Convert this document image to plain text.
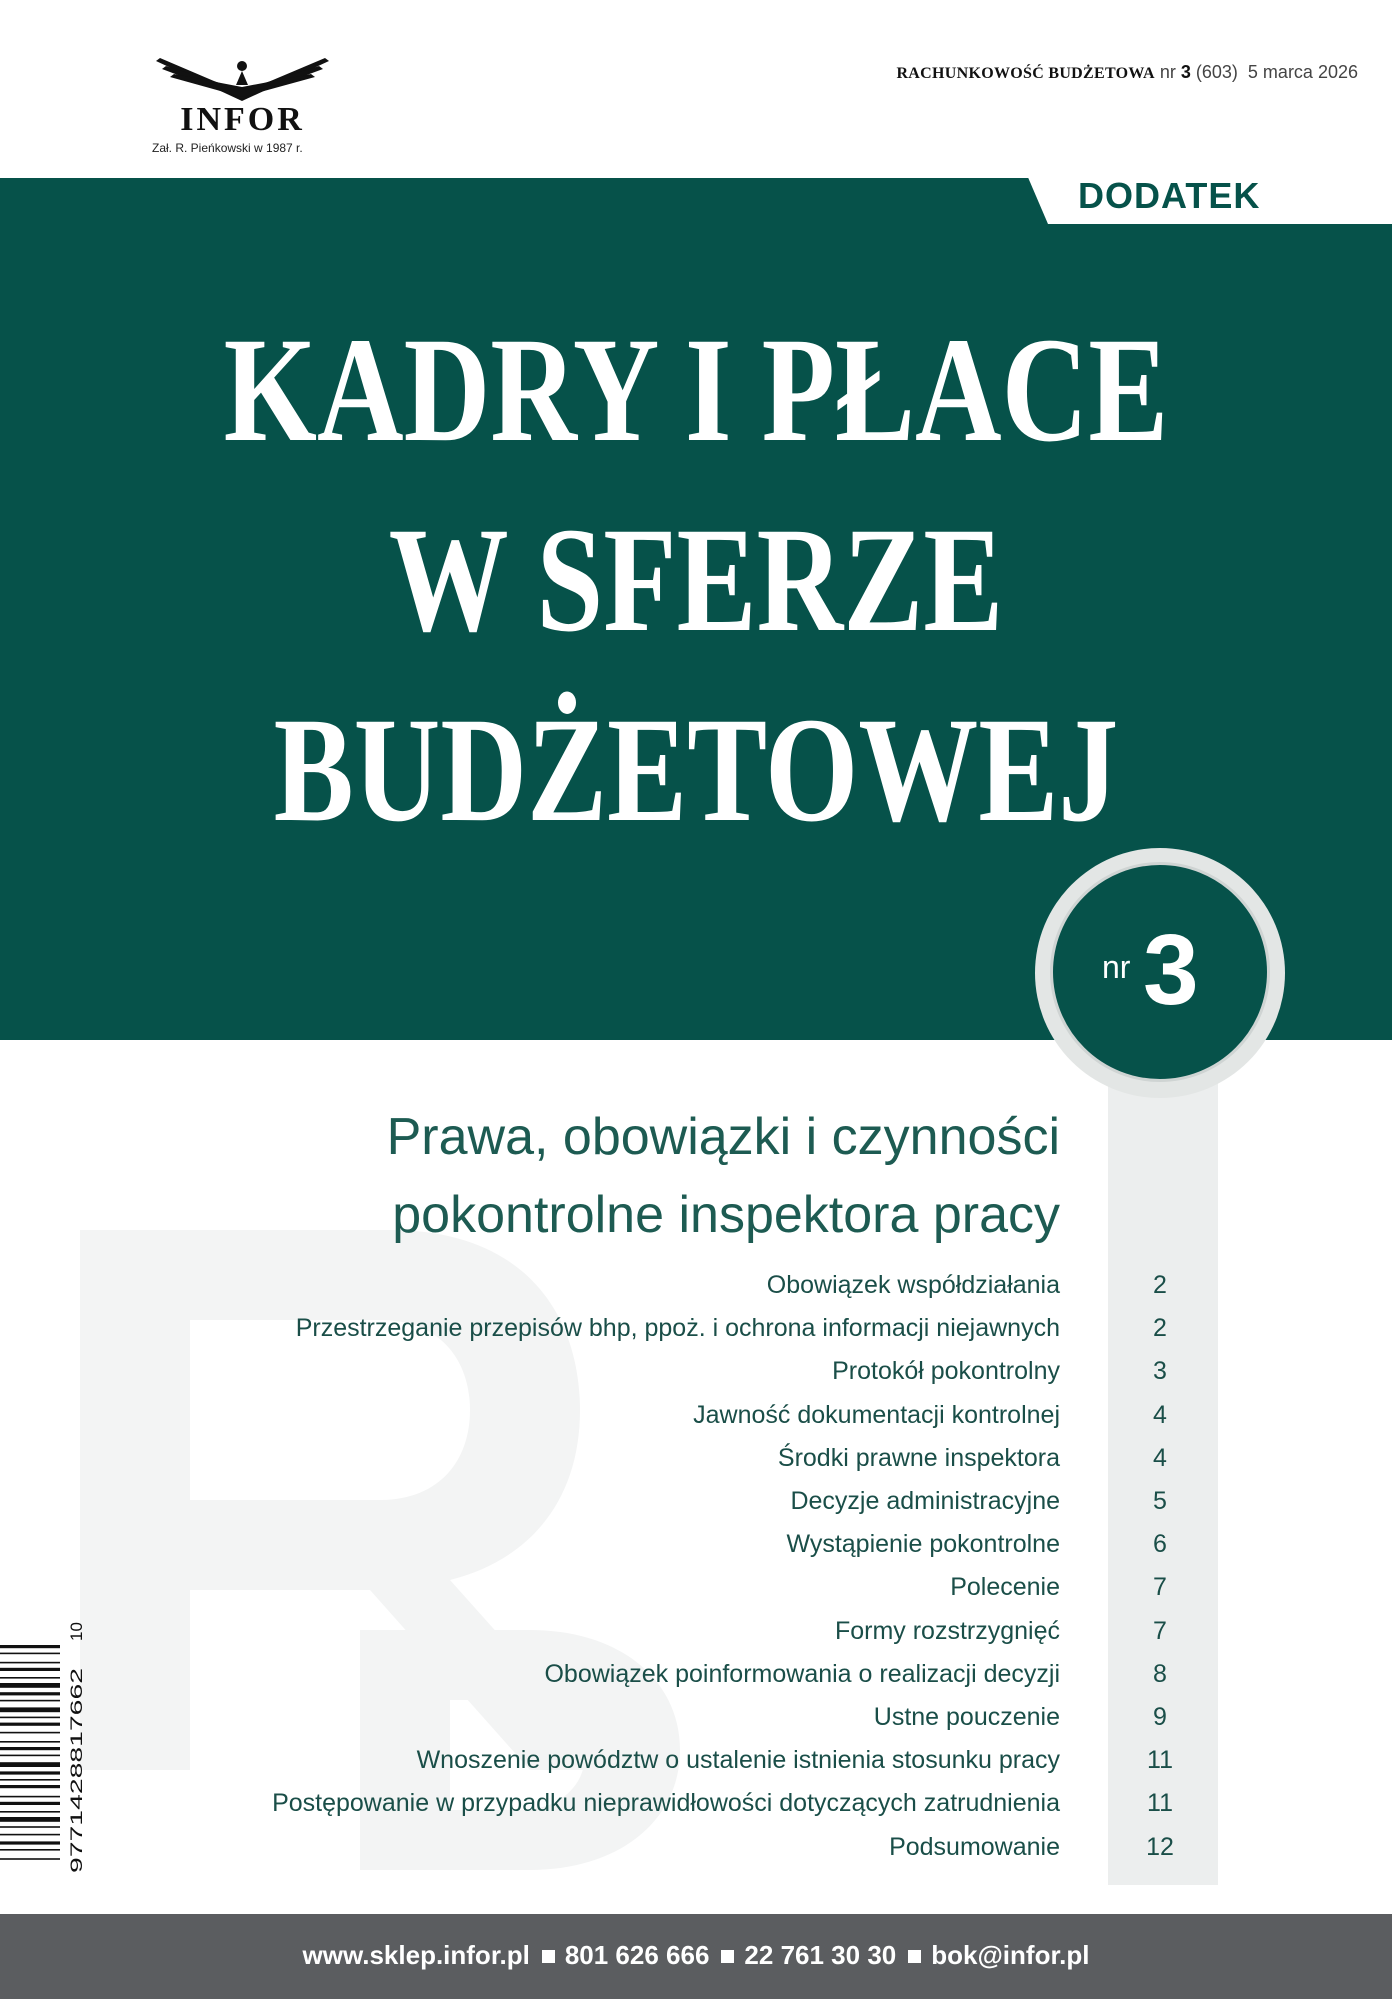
INFOR
Zał. R. Pieńkowski w 1987 r.
RACHUNKOWOŚĆ BUDŻETOWA nr 3 (603) 5 marca 2026
DODATEK
KADRY I PŁACE
W SFERZE
BUDŻETOWEJ
nr 3
Prawa, obowiązki i czynności
pokontrolne inspektora pracy
Obowiązek współdziałania	2
Przestrzeganie przepisów bhp, ppoż. i ochrona informacji niejawnych	2
Protokół pokontrolny	3
Jawność dokumentacji kontrolnej	4
Środki prawne inspektora	4
Decyzje administracyjne	5
Wystąpienie pokontrolne	6
Polecenie	7
Formy rozstrzygnięć	7
Obowiązek poinformowania o realizacji decyzji	8
Ustne pouczenie	9
Wnoszenie powództw o ustalenie istnienia stosunku pracy	11
Postępowanie w przypadku nieprawidłowości dotyczących zatrudnienia	11
Podsumowanie	12
9771428817662
10
www.sklep.infor.pl 801 626 666 22 761 30 30 bok@infor.pl
